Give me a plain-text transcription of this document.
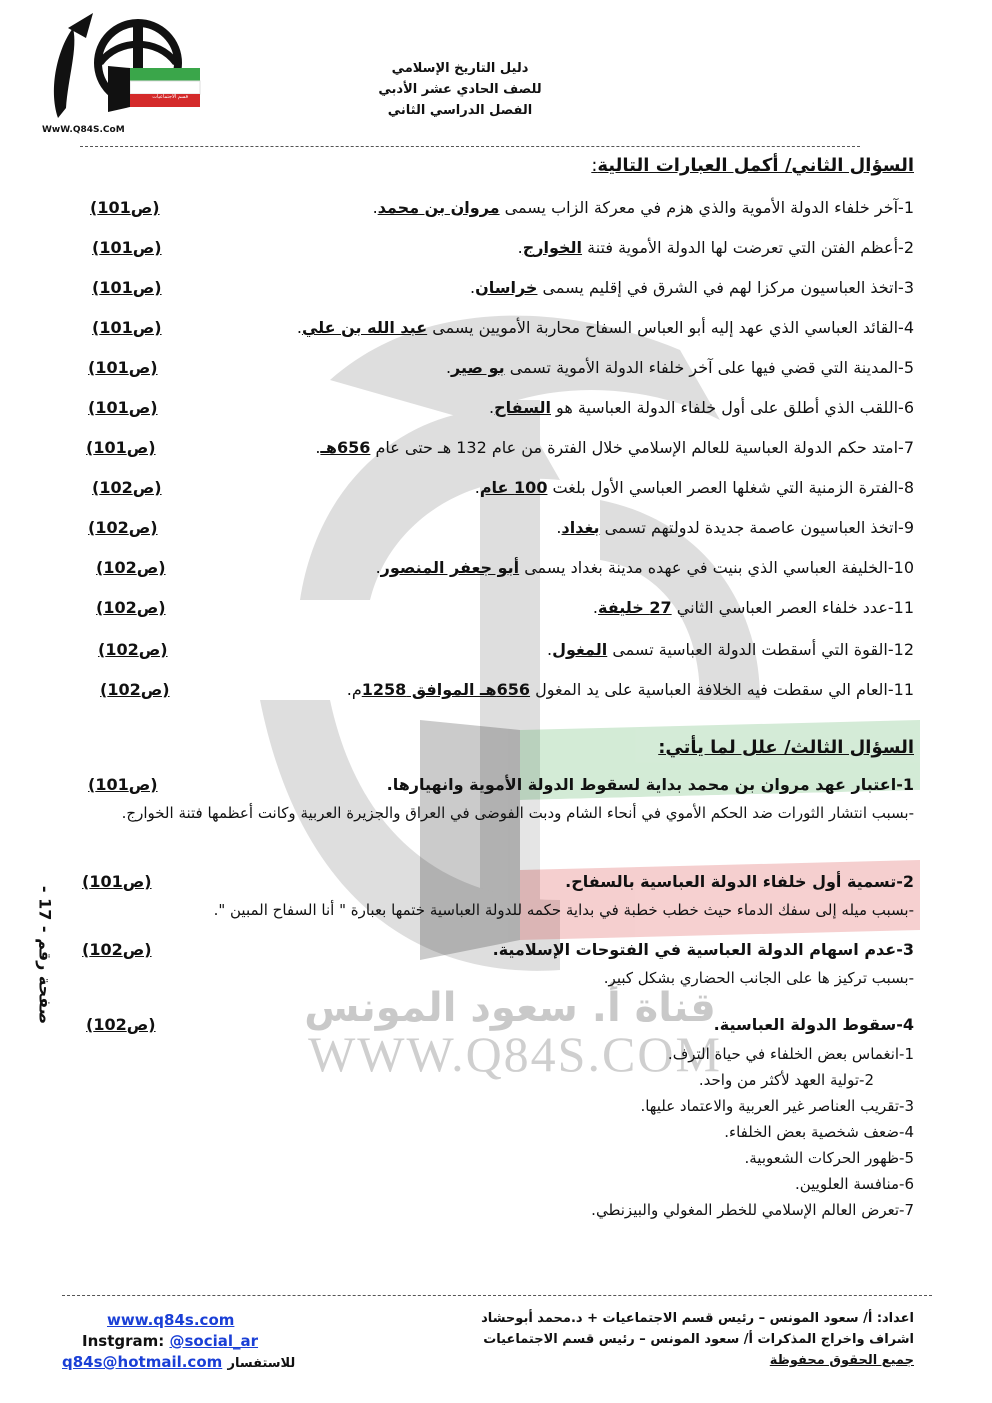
قناة أ. سعود المونس
WWW.Q84S.COM
قسم الاجتماعيات
WwW.Q84S.CoM
دليل التاريخ الإسلامي
للصف الحادي عشر الأدبي
الفصل الدراسي الثاني
السؤال الثاني/ أكمل العبارات التالية:
1-آخر خلفاء الدولة الأموية والذي هزم في معركة الزاب يسمى مروان بن محمد.
(ص101)
2-أعظم الفتن التي تعرضت لها الدولة الأموية فتنة الخوارج.
(ص101)
3-اتخذ العباسيون مركزا لهم في الشرق في إقليم يسمى خراسان.
(ص101)
4-القائد العباسي الذي عهد إليه أبو العباس السفاح محاربة الأمويين يسمى عبد الله بن علي.
(ص101)
5-المدينة التي قضي فيها على آخر خلفاء الدولة الأموية تسمى بو صير.
(ص101)
6-اللقب الذي أطلق على أول خلفاء الدولة العباسية هو السفاح.
(ص101)
7-امتد حكم الدولة العباسية للعالم الإسلامي خلال الفترة من عام 132 هـ حتى عام 656هـ.
(ص101)
8-الفترة الزمنية التي شغلها العصر العباسي الأول بلغت 100 عام.
(ص102)
9-اتخذ العباسيون عاصمة جديدة لدولتهم تسمى بغداد.
(ص102)
10-الخليفة العباسي الذي بنيت في عهده مدينة بغداد يسمى أبو جعفر المنصور.
(ص102)
11-عدد خلفاء العصر العباسي الثاني 27 خليفة.
(ص102)
12-القوة التي أسقطت الدولة العباسية تسمى المغول.
(ص102)
11-العام الي سقطت فيه الخلافة العباسية على يد المغول 656هـ الموافق 1258م.
(ص102)
السؤال الثالث/ علل لما يأتي:
1-اعتبار عهد مروان بن محمد بداية لسقوط الدولة الأموية وانهيارها.
(ص101)
-بسبب انتشار الثورات ضد الحكم الأموي في أنحاء الشام ودبت الفوضى في العراق والجزيرة العربية وكانت أعظمها فتنة الخوارج.
2-تسمية أول خلفاء الدولة العباسية بالسفاح.
(ص101)
-بسبب ميله إلى سفك الدماء حيث خطب خطبة في بداية حكمه للدولة العباسية ختمها بعبارة " أنا السفاح المبين ".
3-عدم اسهام الدولة العباسية في الفتوحات الإسلامية.
(ص102)
-بسبب تركيز ها على الجانب الحضاري بشكل كبير.
4-سقوط الدولة العباسية.
(ص102)
1-انغماس بعض الخلفاء في حياة الترف.
2-تولية العهد لأكثر من واحد.
3-تقريب العناصر غير العربية والاعتماد عليها.
4-ضعف شخصية بعض الخلفاء.
5-ظهور الحركات الشعوبية.
6-منافسة العلويين.
7-تعرض العالم الإسلامي للخطر المغولي والبيزنطي.
صفحة رقم - 17 -
اعداد: أ/ سعود المونس – رئيس قسم الاجتماعيات + د.محمد أبوحشاد
اشراف واخراج المذكرات أ/ سعود المونس – رئيس قسم الاجتماعيات
جميع الحقوق محفوظة
www.q84s.com
Instgram: @social_ar
q84s@hotmail.com للاستفسار
